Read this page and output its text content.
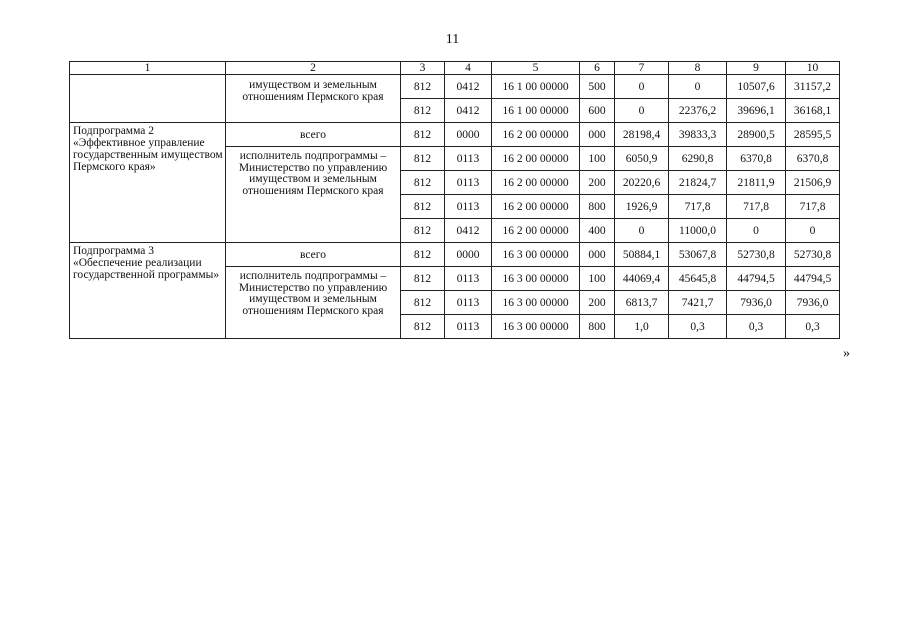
11
1	2	3	4	5	6	7	8	9	10
	имуществом и земельным отношениям Пермского края	812	0412	16 1 00 00000	500	0	0	10507,6	31157,2
		812	0412	16 1 00 00000	600	0	22376,2	39696,1	36168,1
Подпрограмма 2 «Эффективное управление государственным имуществом Пермского края»	всего	812	0000	16 2 00 00000	000	28198,4	39833,3	28900,5	28595,5
	исполнитель подпрограммы – Министерство по управлению имуществом и земельным отношениям Пермского края	812	0113	16 2 00 00000	100	6050,9	6290,8	6370,8	6370,8
		812	0113	16 2 00 00000	200	20220,6	21824,7	21811,9	21506,9
		812	0113	16 2 00 00000	800	1926,9	717,8	717,8	717,8
		812	0412	16 2 00 00000	400	0	11000,0	0	0
Подпрограмма 3 «Обеспечение реализации государственной программы»	всего	812	0000	16 3 00 00000	000	50884,1	53067,8	52730,8	52730,8
	исполнитель подпрограммы – Министерство по управлению имуществом и земельным отношениям Пермского края	812	0113	16 3 00 00000	100	44069,4	45645,8	44794,5	44794,5
		812	0113	16 3 00 00000	200	6813,7	7421,7	7936,0	7936,0
		812	0113	16 3 00 00000	800	1,0	0,3	0,3	0,3
»
